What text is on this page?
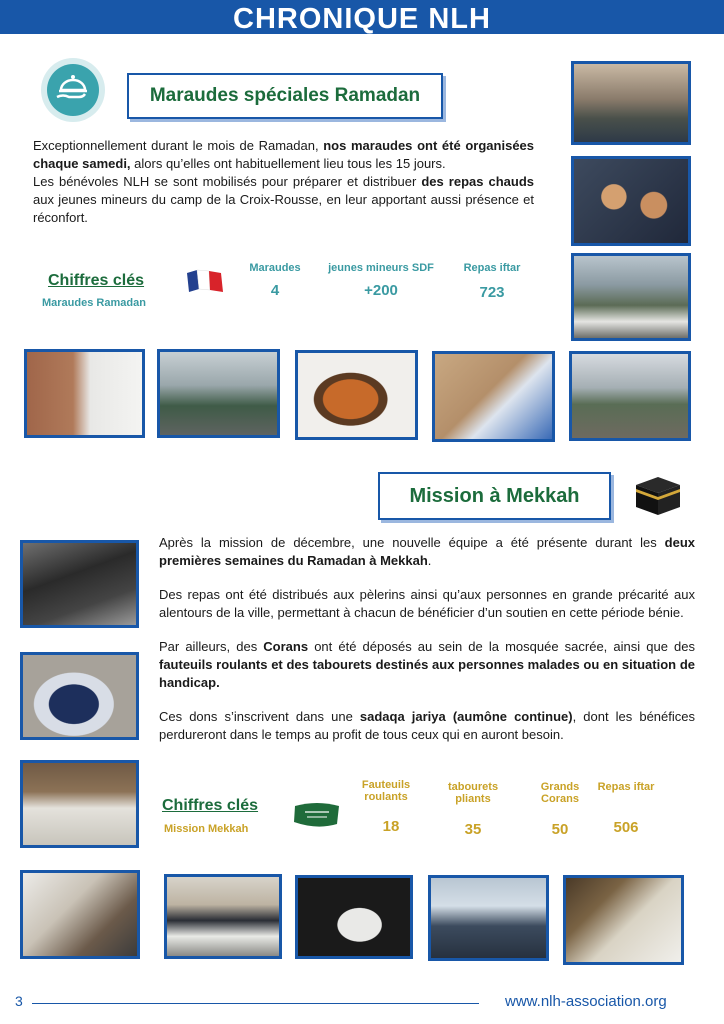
CHRONIQUE NLH
Maraudes spéciales Ramadan

Exceptionnellement durant le mois de Ramadan, nos maraudes ont été organisées chaque samedi, alors qu’elles ont habituellement lieu tous les 15 jours.

Les bénévoles NLH se sont mobilisés pour préparer et distribuer des repas chauds aux jeunes mineurs du camp de la Croix-Rousse, en leur apportant aussi présence et réconfort.

Chiffres clés
Maraudes Ramadan
Maraudes
4
jeunes mineurs SDF
+200
Repas iftar
723
Mission à Mekkah

Après la mission de décembre, une nouvelle équipe a été présente durant les deux premières semaines du Ramadan à Mekkah.

Des repas ont été distribués aux pèlerins ainsi qu’aux personnes en grande précarité aux alentours de la ville, permettant à chacun de bénéficier d’un soutien en cette période bénie.

Par ailleurs, des Corans ont été déposés au sein de la mosquée sacrée, ainsi que des fauteuils roulants et des tabourets destinés aux personnes malades ou en situation de handicap.

Ces dons s’inscrivent dans une sadaqa jariya (aumône continue), dont les bénéfices perdureront dans le temps au profit de tous ceux qui en auront besoin.

Chiffres clés
Mission Mekkah
Fauteuils roulants
18
tabourets pliants
35
Grands Corans
50
Repas iftar
506
3	www.nlh-association.org
